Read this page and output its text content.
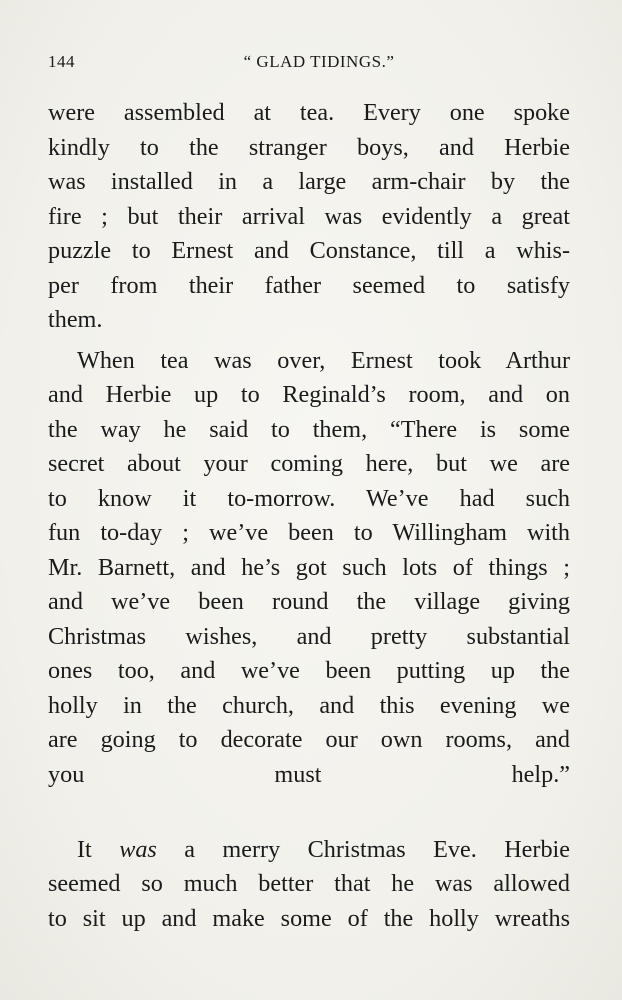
144	“ GLAD TIDINGS.”
were assembled at tea. Every one spoke
kindly to the stranger boys, and Herbie
was installed in a large arm-chair by the
fire ; but their arrival was evidently a great
puzzle to Ernest and Constance, till a whis-
per from their father seemed to satisfy
them.
When tea was over, Ernest took Arthur
and Herbie up to Reginald’s room, and on
the way he said to them, “There is some
secret about your coming here, but we are
to know it to-morrow. We’ve had such
fun to-day ; we’ve been to Willingham with
Mr. Barnett, and he’s got such lots of things ;
and we’ve been round the village giving
Christmas wishes, and pretty substantial
ones too, and we’ve been putting up the
holly in the church, and this evening we
are going to decorate our own rooms, and
you must help.”
It was a merry Christmas Eve. Herbie
seemed so much better that he was allowed
to sit up and make some of the holly wreaths
